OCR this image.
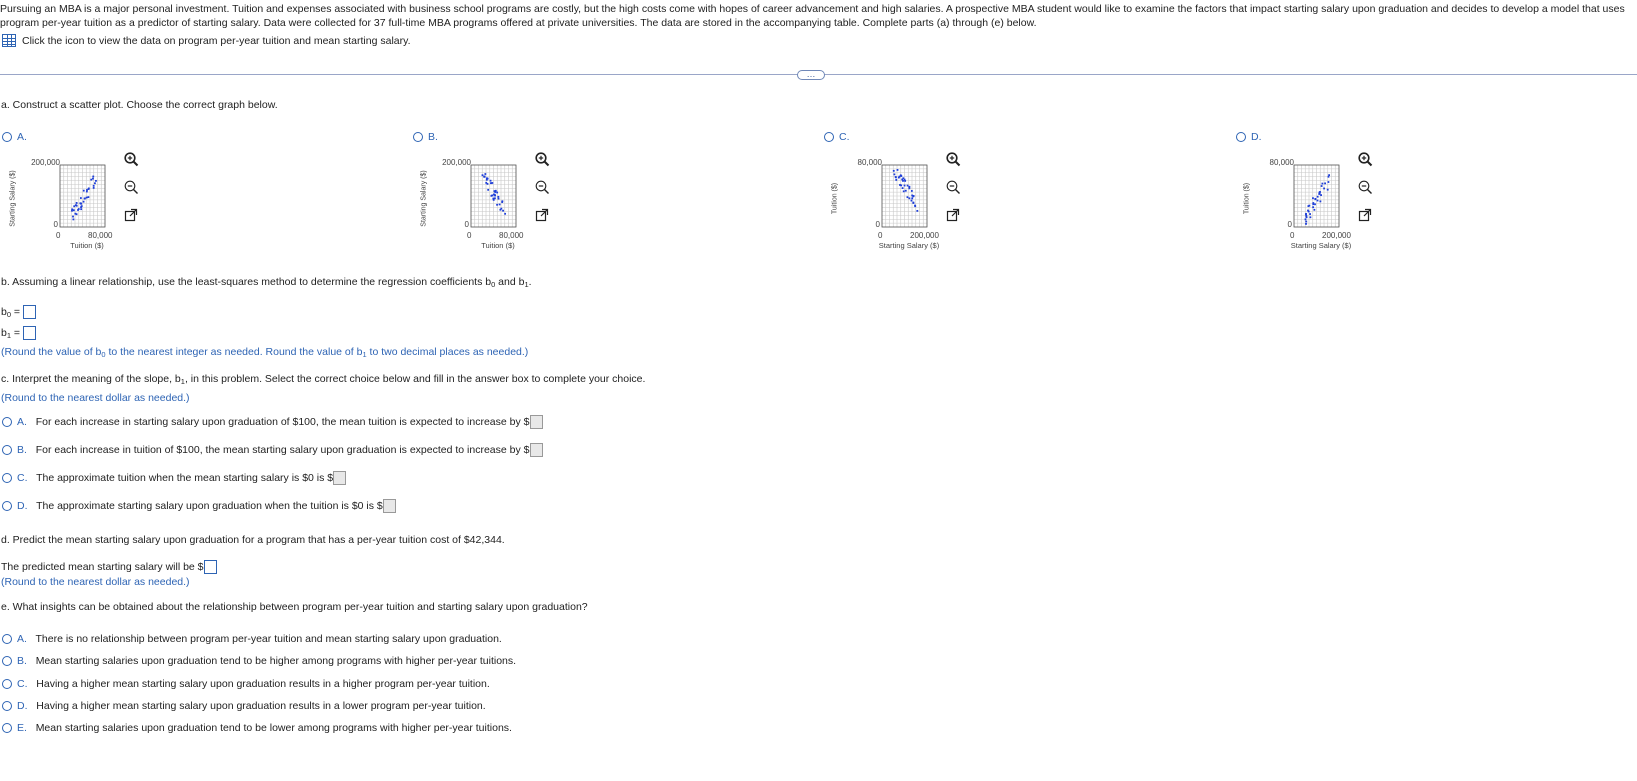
Pursuing an MBA is a major personal investment. Tuition and expenses associated with business school programs are costly, but the high costs come with hopes of career advancement and high salaries. A prospective MBA student would like to examine the factors that impact starting salary upon graduation and decides to develop a model that uses program per-year tuition as a predictor of starting salary. Data were collected for 37 full-time MBA programs offered at private universities. The data are stored in the accompanying table. Complete parts (a) through (e) below.
Click the icon to view the data on program per-year tuition and mean starting salary.
…
a. Construct a scatter plot. Choose the correct graph below.
A.
200,000
0
0	80,000
Tuition ($)
Starting Salary ($)
B.
200,000
0
0	80,000
Tuition ($)
Starting Salary ($)
C.
80,000
0
0	200,000
Starting Salary ($)
Tuition ($)
D.
80,000
0
0	200,000
Starting Salary ($)
Tuition ($)
b. Assuming a linear relationship, use the least-squares method to determine the regression coefficients $b_0$ and $b_1$.
$b_0$ =
$b_1$ =
(Round the value of $b_0$ to the nearest integer as needed. Round the value of $b_1$ to two decimal places as needed.)
c. Interpret the meaning of the slope, $b_1$, in this problem. Select the correct choice below and fill in the answer box to complete your choice.
(Round to the nearest dollar as needed.)
A. For each increase in starting salary upon graduation of $100, the mean tuition is expected to increase by $
B. For each increase in tuition of $100, the mean starting salary upon graduation is expected to increase by $
C. The approximate tuition when the mean starting salary is $0 is $
D. The approximate starting salary upon graduation when the tuition is $0 is $
d. Predict the mean starting salary upon graduation for a program that has a per-year tuition cost of $42,344.
The predicted mean starting salary will be $
(Round to the nearest dollar as needed.)
e. What insights can be obtained about the relationship between program per-year tuition and starting salary upon graduation?
A. There is no relationship between program per-year tuition and mean starting salary upon graduation.
B. Mean starting salaries upon graduation tend to be higher among programs with higher per-year tuitions.
C. Having a higher mean starting salary upon graduation results in a higher program per-year tuition.
D. Having a higher mean starting salary upon graduation results in a lower program per-year tuition.
E. Mean starting salaries upon graduation tend to be lower among programs with higher per-year tuitions.
